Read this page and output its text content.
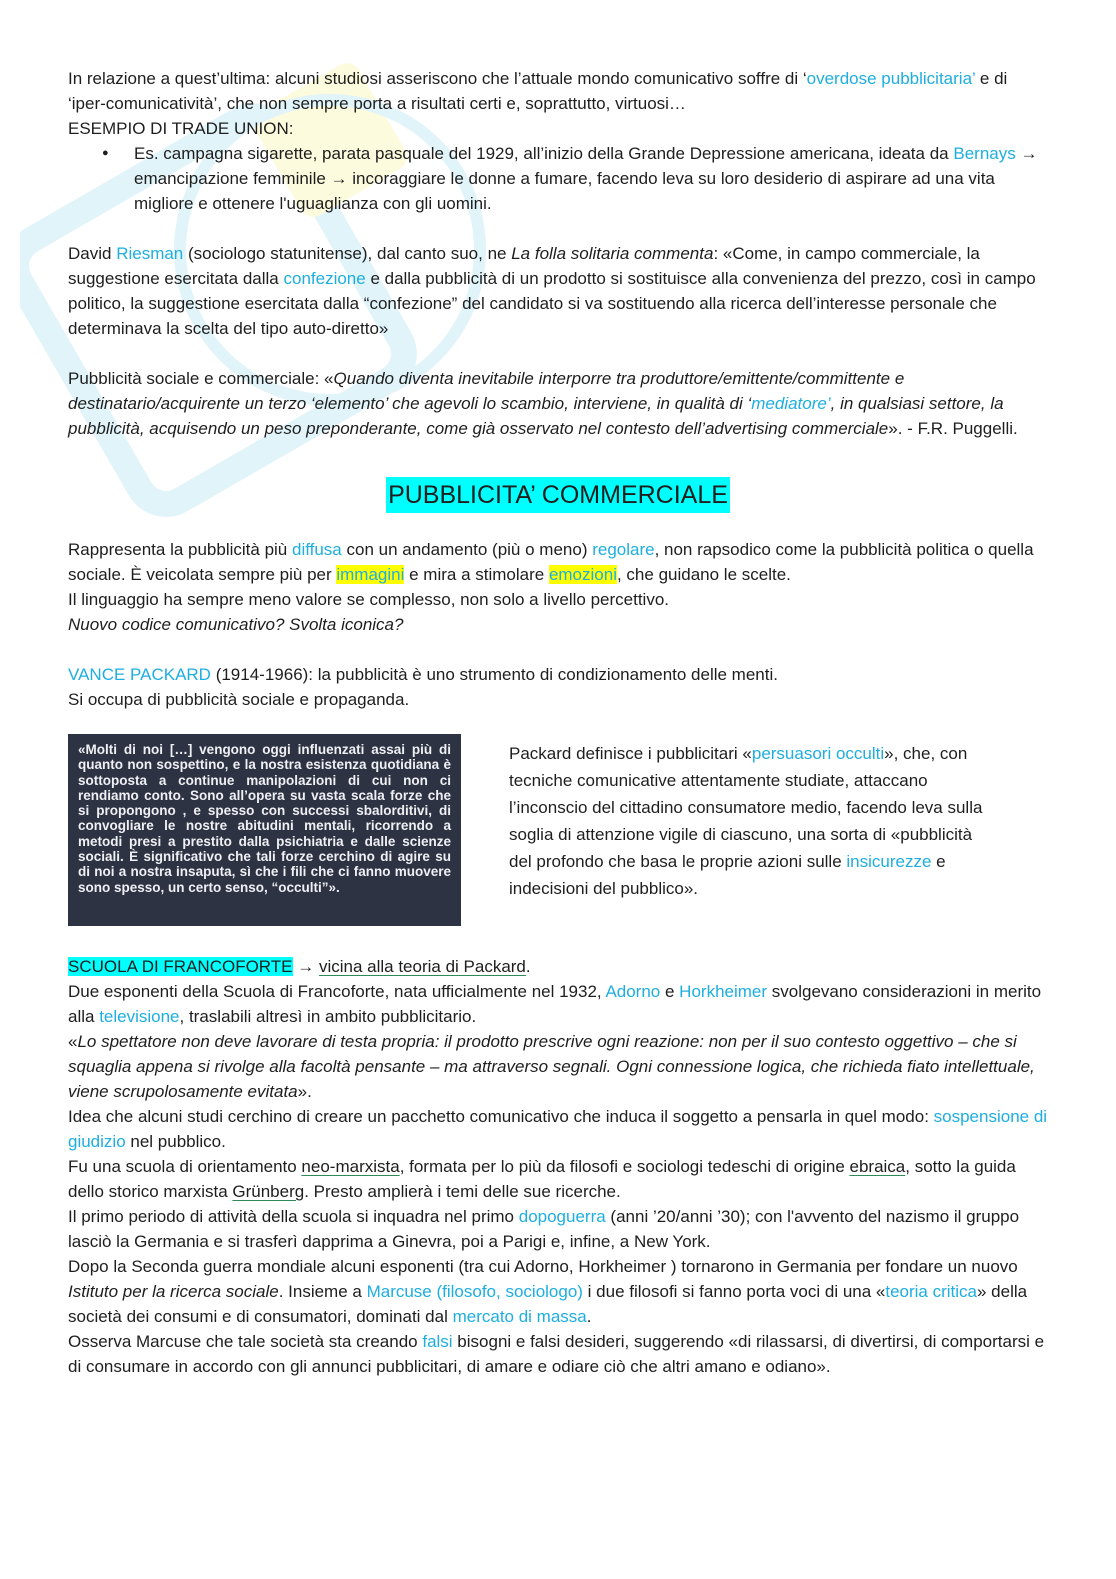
In relazione a quest’ultima: alcuni studiosi asseriscono che l’attuale mondo comunicativo soffre di ‘overdose pubblicitaria’ e di ‘iper-comunicatività’, che non sempre porta a risultati certi e, soprattutto, virtuosi…

ESEMPIO DI TRADE UNION:

● Es. campagna sigarette, parata pasquale del 1929, all’inizio della Grande Depressione americana, ideata da Bernays → emancipazione femminile → incoraggiare le donne a fumare, facendo leva su loro desiderio di aspirare ad una vita migliore e ottenere l'uguaglianza con gli uomini.

David Riesman (sociologo statunitense), dal canto suo, ne La folla solitaria commenta: «Come, in campo commerciale, la suggestione esercitata dalla confezione e dalla pubblicità di un prodotto si sostituisce alla convenienza del prezzo, così in campo politico, la suggestione esercitata dalla “confezione” del candidato si va sostituendo alla ricerca dell’interesse personale che determinava la scelta del tipo auto-diretto»

Pubblicità sociale e commerciale: «Quando diventa inevitabile interporre tra produttore/emittente/committente e destinatario/acquirente un terzo ‘elemento’ che agevoli lo scambio, interviene, in qualità di ‘mediatore’, in qualsiasi settore, la pubblicità, acquisendo un peso preponderante, come già osservato nel contesto dell’advertising commerciale». - F.R. Puggelli.

PUBBLICITA’ COMMERCIALE

Rappresenta la pubblicità più diffusa con un andamento (più o meno) regolare, non rapsodico come la pubblicità politica o quella sociale. È veicolata sempre più per immagini e mira a stimolare emozioni, che guidano le scelte.

Il linguaggio ha sempre meno valore se complesso, non solo a livello percettivo.

Nuovo codice comunicativo? Svolta iconica?

VANCE PACKARD (1914-1966): la pubblicità è uno strumento di condizionamento delle menti.

Si occupa di pubblicità sociale e propaganda.

«Molti di noi […] vengono oggi influenzati assai più di quanto non sospettino, e la nostra esistenza quotidiana è sottoposta a continue manipolazioni di cui non ci rendiamo conto. Sono all’opera su vasta scala forze che si propongono , e spesso con successi sbalorditivi, di convogliare le nostre abitudini mentali, ricorrendo a metodi presi a prestito dalla psichiatria e dalle scienze sociali. È significativo che tali forze cerchino di agire su di noi a nostra insaputa, sì che i fili che ci fanno muovere sono spesso, un certo senso, “occulti”».

Packard definisce i pubblicitari «persuasori occulti», che, con tecniche comunicative attentamente studiate, attaccano l’inconscio del cittadino consumatore medio, facendo leva sulla soglia di attenzione vigile di ciascuno, una sorta di «pubblicità del profondo che basa le proprie azioni sulle insicurezze e indecisioni del pubblico».

SCUOLA DI FRANCOFORTE → vicina alla teoria di Packard.

Due esponenti della Scuola di Francoforte, nata ufficialmente nel 1932, Adorno e Horkheimer svolgevano considerazioni in merito alla televisione, traslabili altresì in ambito pubblicitario.

«Lo spettatore non deve lavorare di testa propria: il prodotto prescrive ogni reazione: non per il suo contesto oggettivo – che si squaglia appena si rivolge alla facoltà pensante – ma attraverso segnali. Ogni connessione logica, che richieda fiato intellettuale, viene scrupolosamente evitata».

Idea che alcuni studi cerchino di creare un pacchetto comunicativo che induca il soggetto a pensarla in quel modo: sospensione di giudizio nel pubblico.

Fu una scuola di orientamento neo-marxista, formata per lo più da filosofi e sociologi tedeschi di origine ebraica, sotto la guida dello storico marxista Grünberg. Presto amplierà i temi delle sue ricerche.

Il primo periodo di attività della scuola si inquadra nel primo dopoguerra (anni ’20/anni ’30); con l'avvento del nazismo il gruppo lasciò la Germania e si trasferì dapprima a Ginevra, poi a Parigi e, infine, a New York.

Dopo la Seconda guerra mondiale alcuni esponenti (tra cui Adorno, Horkheimer ) tornarono in Germania per fondare un nuovo Istituto per la ricerca sociale. Insieme a Marcuse (filosofo, sociologo) i due filosofi si fanno porta voci di una «teoria critica» della società dei consumi e di consumatori, dominati dal mercato di massa.

Osserva Marcuse che tale società sta creando falsi bisogni e falsi desideri, suggerendo «di rilassarsi, di divertirsi, di comportarsi e di consumare in accordo con gli annunci pubblicitari, di amare e odiare ciò che altri amano e odiano».
